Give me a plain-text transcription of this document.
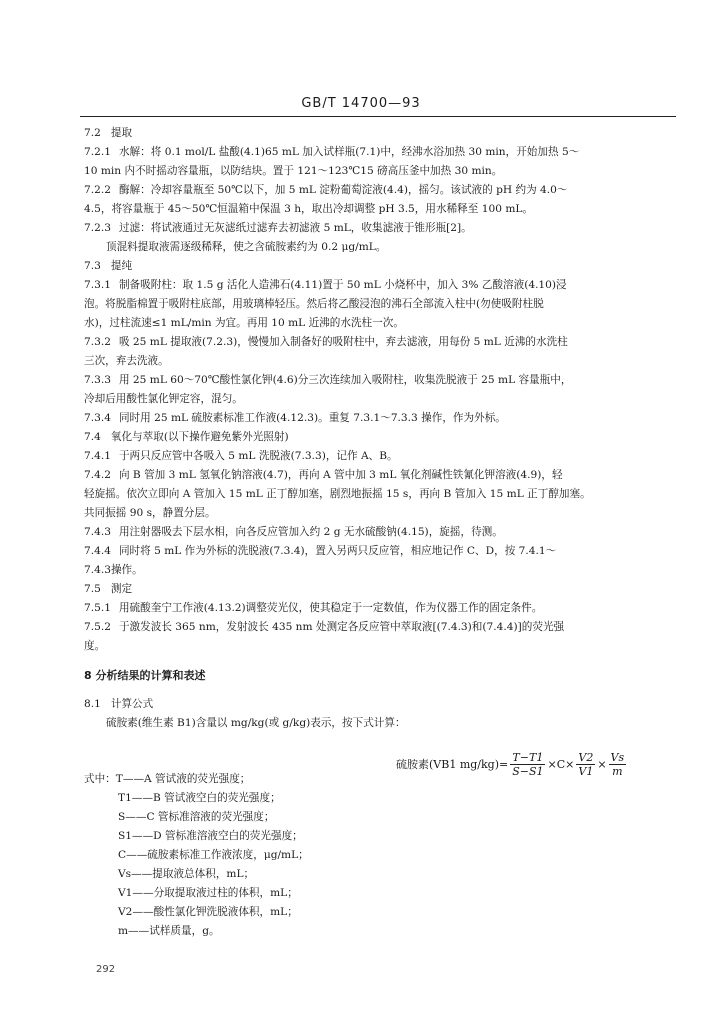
GB/T 14700—93
7.2 提取
7.2.1 水解：将 0.1 mol/L 盐酸(4.1)65 mL 加入试样瓶(7.1)中，经沸水浴加热 30 min，开始加热 5～
10 min 内不时摇动容量瓶，以防结块。置于 121～123℃15 磅高压釜中加热 30 min。
7.2.2 酶解：冷却容量瓶至 50℃以下，加 5 mL 淀粉葡萄淀液(4.4)，摇匀。该试液的 pH 约为 4.0～
4.5，将容量瓶于 45～50℃恒温箱中保温 3 h，取出冷却调整 pH 3.5，用水稀释至 100 mL。
7.2.3 过滤：将试液通过无灰滤纸过滤弃去初滤液 5 mL，收集滤液于锥形瓶[2]。
顶混料提取液需逐级稀释，使之含硫胺素约为 0.2 μg/mL。
7.3 提纯
7.3.1 制备吸附柱：取 1.5 g 活化人造沸石(4.11)置于 50 mL 小烧杯中，加入 3% 乙酸溶液(4.10)浸
泡。将脱脂棉置于吸附柱底部，用玻璃棒轻压。然后将乙酸浸泡的沸石全部流入柱中(勿使吸附柱脱
水)，过柱流速≤1 mL/min 为宜。再用 10 mL 近沸的水洗柱一次。
7.3.2 吸 25 mL 提取液(7.2.3)，慢慢加入制备好的吸附柱中，弃去滤液，用每份 5 mL 近沸的水洗柱
三次，弃去洗液。
7.3.3 用 25 mL 60～70℃酸性氯化钾(4.6)分三次连续加入吸附柱，收集洗脱液于 25 mL 容量瓶中，
冷却后用酸性氯化钾定容，混匀。
7.3.4 同时用 25 mL 硫胺素标准工作液(4.12.3)。重复 7.3.1～7.3.3 操作，作为外标。
7.4 氧化与萃取(以下操作避免紫外光照射)
7.4.1 于两只反应管中各吸入 5 mL 洗脱液(7.3.3)，记作 A、B。
7.4.2 向 B 管加 3 mL 氢氧化钠溶液(4.7)，再向 A 管中加 3 mL 氧化剂碱性铁氰化钾溶液(4.9)，轻
轻旋摇。依次立即向 A 管加入 15 mL 正丁醇加塞，剧烈地振摇 15 s，再向 B 管加入 15 mL 正丁醇加塞。
共同振摇 90 s，静置分层。
7.4.3 用注射器吸去下层水相，向各反应管加入约 2 g 无水硫酸钠(4.15)，旋摇，待测。
7.4.4 同时将 5 mL 作为外标的洗脱液(7.3.4)，置入另两只反应管，相应地记作 C、D，按 7.4.1～
7.4.3操作。
7.5 测定
7.5.1 用硫酸奎宁工作液(4.13.2)调整荧光仪，使其稳定于一定数值，作为仪器工作的固定条件。
7.5.2 于激发波长 365 nm，发射波长 435 nm 处测定各反应管中萃取液[(7.4.3)和(7.4.4)]的荧光强
度。
8 分析结果的计算和表述
8.1 计算公式
硫胺素(维生素 B1)含量以 mg/kg(或 g/kg)表示，按下式计算：
硫胺素(VB1 $mg/kg)= \frac{T-T1}{S-S1} \times C\times \frac{V2}{V1} \times \frac{Vs}{m}$
式中：T——A 管试液的荧光强度；
T1——B 管试液空白的荧光强度；
S——C 管标准溶液的荧光强度；
S1——D 管标准溶液空白的荧光强度；
C——硫胺素标准工作液浓度，μg/mL；
Vs——提取液总体积，mL；
V1——分取提取液过柱的体积，mL；
V2——酸性氯化钾洗脱液体积，mL；
m——试样质量，g。
292
